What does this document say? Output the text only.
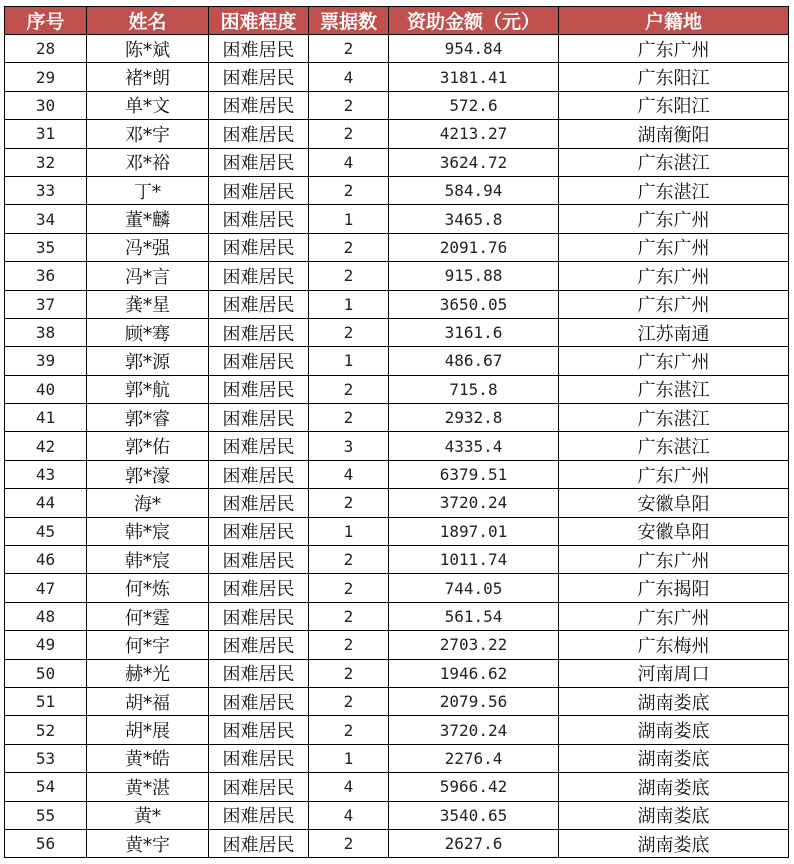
序号	姓名	困难程度	票据数	资助金额（元）	户籍地
28	陈*斌	困难居民	2	954.84	广东广州
29	褚*朗	困难居民	4	3181.41	广东阳江
30	单*文	困难居民	2	572.6	广东阳江
31	邓*宇	困难居民	2	4213.27	湖南衡阳
32	邓*裕	困难居民	4	3624.72	广东湛江
33	丁*	困难居民	2	584.94	广东湛江
34	董*麟	困难居民	1	3465.8	广东广州
35	冯*强	困难居民	2	2091.76	广东广州
36	冯*言	困难居民	2	915.88	广东广州
37	龚*星	困难居民	1	3650.05	广东广州
38	顾*骞	困难居民	2	3161.6	江苏南通
39	郭*源	困难居民	1	486.67	广东广州
40	郭*航	困难居民	2	715.8	广东湛江
41	郭*睿	困难居民	2	2932.8	广东湛江
42	郭*佑	困难居民	3	4335.4	广东湛江
43	郭*濠	困难居民	4	6379.51	广东广州
44	海*	困难居民	2	3720.24	安徽阜阳
45	韩*宸	困难居民	1	1897.01	安徽阜阳
46	韩*宸	困难居民	2	1011.74	广东广州
47	何*炼	困难居民	2	744.05	广东揭阳
48	何*霆	困难居民	2	561.54	广东广州
49	何*宇	困难居民	2	2703.22	广东梅州
50	赫*光	困难居民	2	1946.62	河南周口
51	胡*福	困难居民	2	2079.56	湖南娄底
52	胡*展	困难居民	2	3720.24	湖南娄底
53	黄*皓	困难居民	1	2276.4	湖南娄底
54	黄*湛	困难居民	4	5966.42	湖南娄底
55	黄*	困难居民	4	3540.65	湖南娄底
56	黄*宇	困难居民	2	2627.6	湖南娄底
